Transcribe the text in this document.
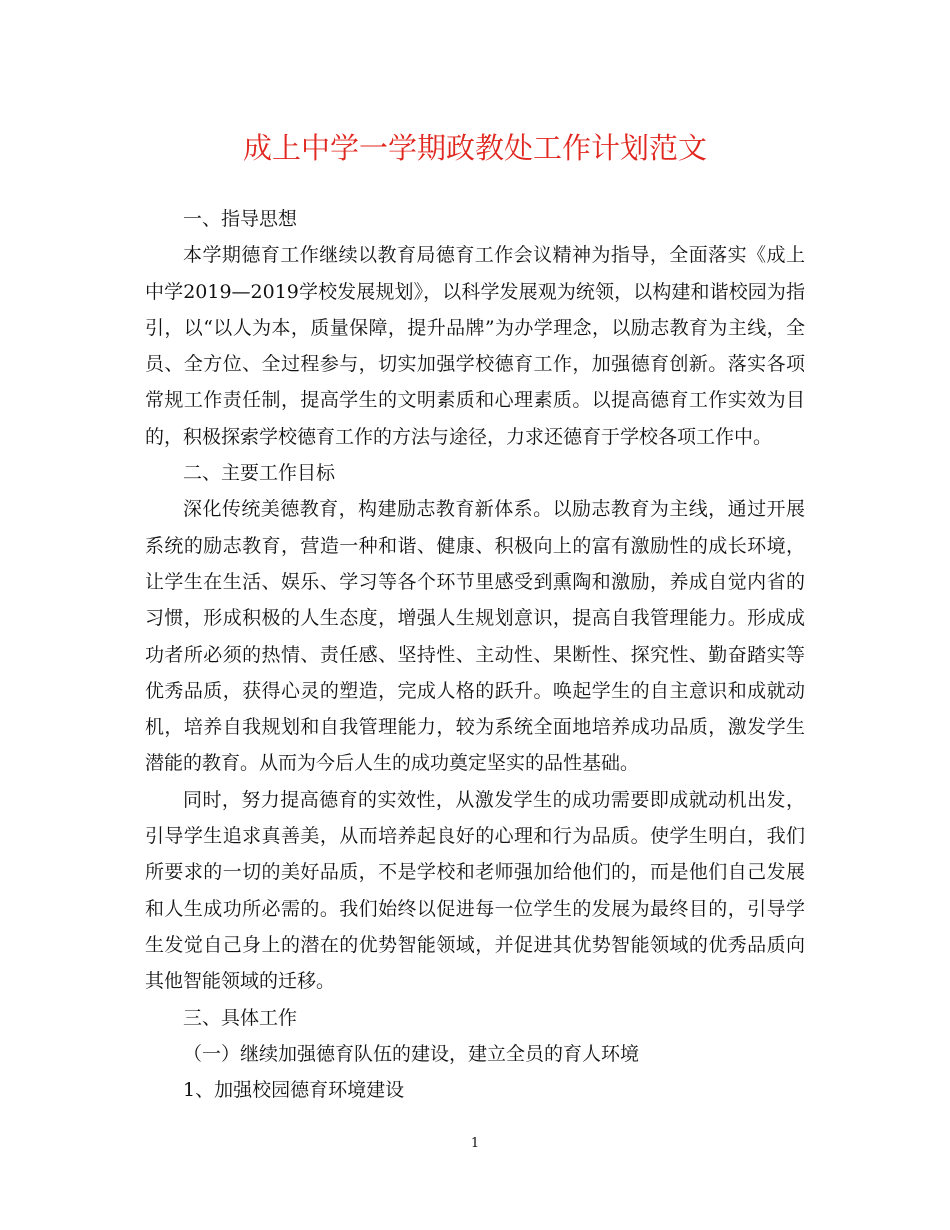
成上中学一学期政教处工作计划范文

一、指导思想

本学期德育工作继续以教育局德育工作会议精神为指导，全面落实《成上中学2019—2019学校发展规划》，以科学发展观为统领，以构建和谐校园为指引，以“以人为本，质量保障，提升品牌”为办学理念，以励志教育为主线，全员、全方位、全过程参与，切实加强学校德育工作，加强德育创新。落实各项常规工作责任制，提高学生的文明素质和心理素质。以提高德育工作实效为目的，积极探索学校德育工作的方法与途径，力求还德育于学校各项工作中。

二、主要工作目标

深化传统美德教育，构建励志教育新体系。以励志教育为主线，通过开展系统的励志教育，营造一种和谐、健康、积极向上的富有激励性的成长环境，让学生在生活、娱乐、学习等各个环节里感受到熏陶和激励，养成自觉内省的习惯，形成积极的人生态度，增强人生规划意识，提高自我管理能力。形成成功者所必须的热情、责任感、坚持性、主动性、果断性、探究性、勤奋踏实等优秀品质，获得心灵的塑造，完成人格的跃升。唤起学生的自主意识和成就动机，培养自我规划和自我管理能力，较为系统全面地培养成功品质，激发学生潜能的教育。从而为今后人生的成功奠定坚实的品性基础。

同时，努力提高德育的实效性，从激发学生的成功需要即成就动机出发，引导学生追求真善美，从而培养起良好的心理和行为品质。使学生明白，我们所要求的一切的美好品质，不是学校和老师强加给他们的，而是他们自己发展和人生成功所必需的。我们始终以促进每一位学生的发展为最终目的，引导学生发觉自己身上的潜在的优势智能领域，并促进其优势智能领域的优秀品质向其他智能领域的迁移。

三、具体工作

（一）继续加强德育队伍的建设，建立全员的育人环境

1、加强校园德育环境建设

1
